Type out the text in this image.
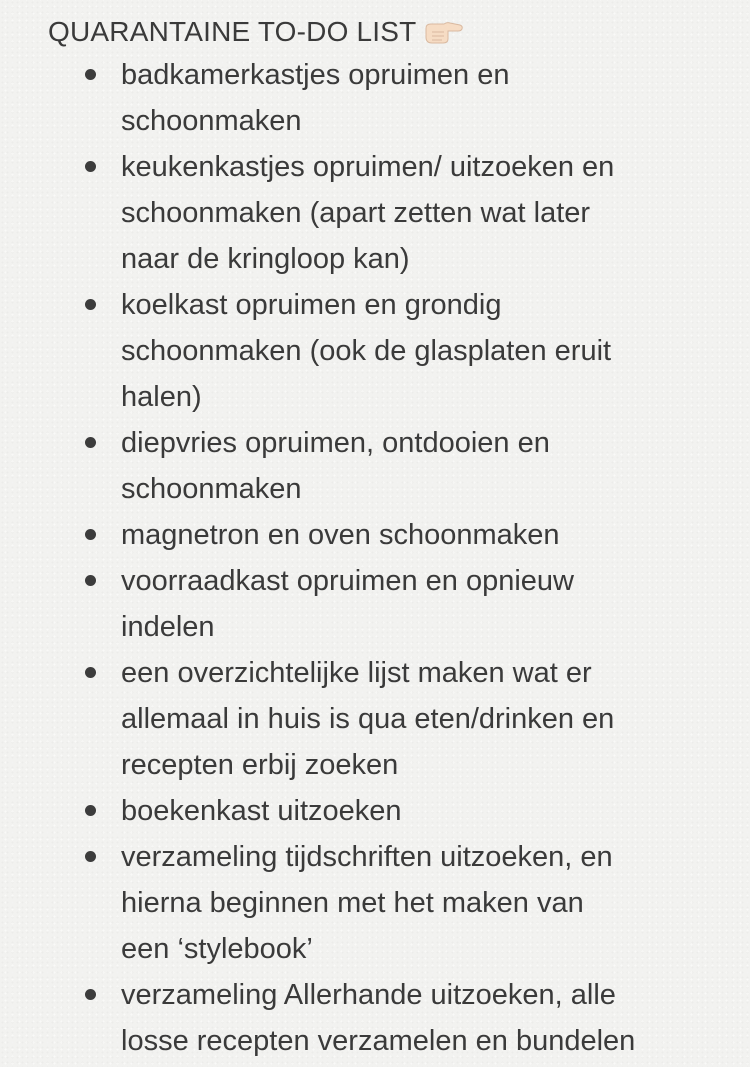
QUARANTAINE TO-DO LIST
badkamerkastjes opruimen en
schoonmaken
keukenkastjes opruimen/ uitzoeken en
schoonmaken (apart zetten wat later
naar de kringloop kan)
koelkast opruimen en grondig
schoonmaken (ook de glasplaten eruit
halen)
diepvries opruimen, ontdooien en
schoonmaken
magnetron en oven schoonmaken
voorraadkast opruimen en opnieuw
indelen
een overzichtelijke lijst maken wat er
allemaal in huis is qua eten/drinken en
recepten erbij zoeken
boekenkast uitzoeken
verzameling tijdschriften uitzoeken, en
hierna beginnen met het maken van
een ‘stylebook’
verzameling Allerhande uitzoeken, alle
losse recepten verzamelen en bundelen
